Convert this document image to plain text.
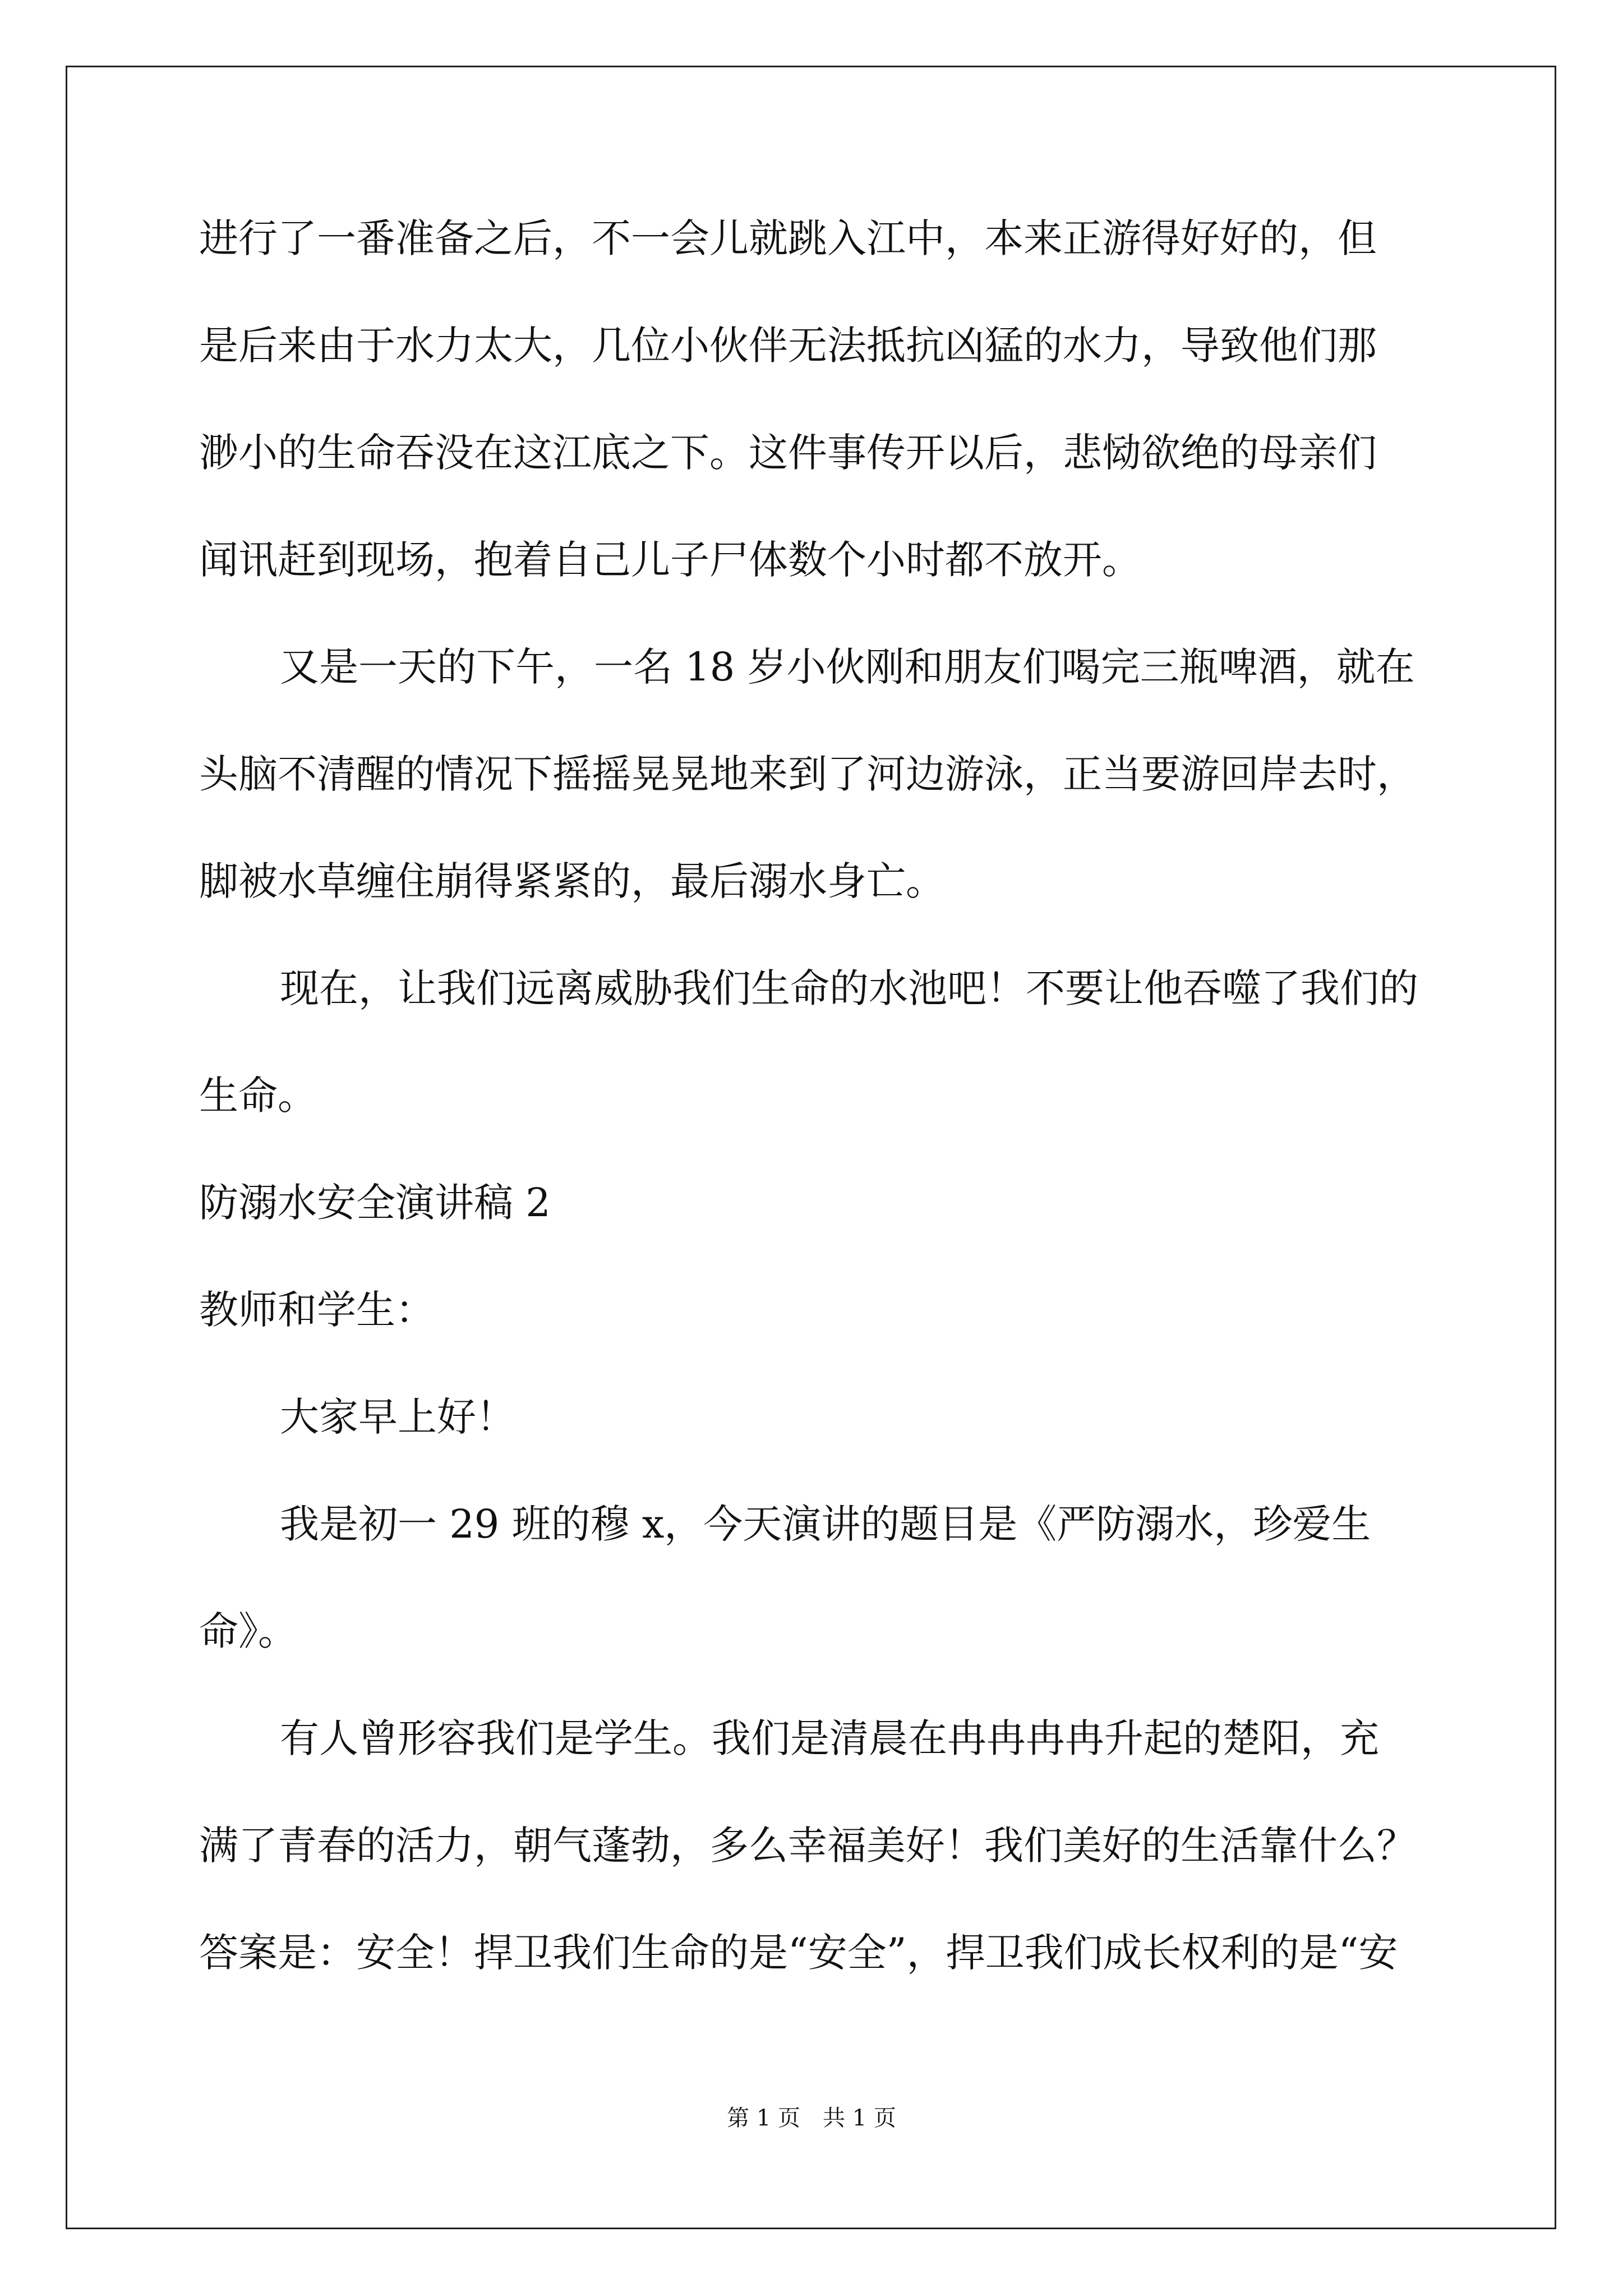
进行了一番准备之后，不一会儿就跳入江中，本来正游得好好的，但
是后来由于水力太大，几位小伙伴无法抵抗凶猛的水力，导致他们那
渺小的生命吞没在这江底之下。这件事传开以后，悲恸欲绝的母亲们
闻讯赶到现场，抱着自己儿子尸体数个小时都不放开。
又是一天的下午，一名 18 岁小伙刚和朋友们喝完三瓶啤酒，就在
头脑不清醒的情况下摇摇晃晃地来到了河边游泳，正当要游回岸去时，
脚被水草缠住崩得紧紧的，最后溺水身亡。
现在，让我们远离威胁我们生命的水池吧！不要让他吞噬了我们的
生命。
防溺水安全演讲稿 2
教师和学生：
大家早上好！
我是初一 29 班的穆 x，今天演讲的题目是《严防溺水，珍爱生
命》。
有人曾形容我们是学生。我们是清晨在冉冉冉冉升起的楚阳，充
满了青春的活力，朝气蓬勃，多么幸福美好！我们美好的生活靠什么？
答案是：安全！捍卫我们生命的是“安全”，捍卫我们成长权利的是“安
第 1 页　共 1 页
